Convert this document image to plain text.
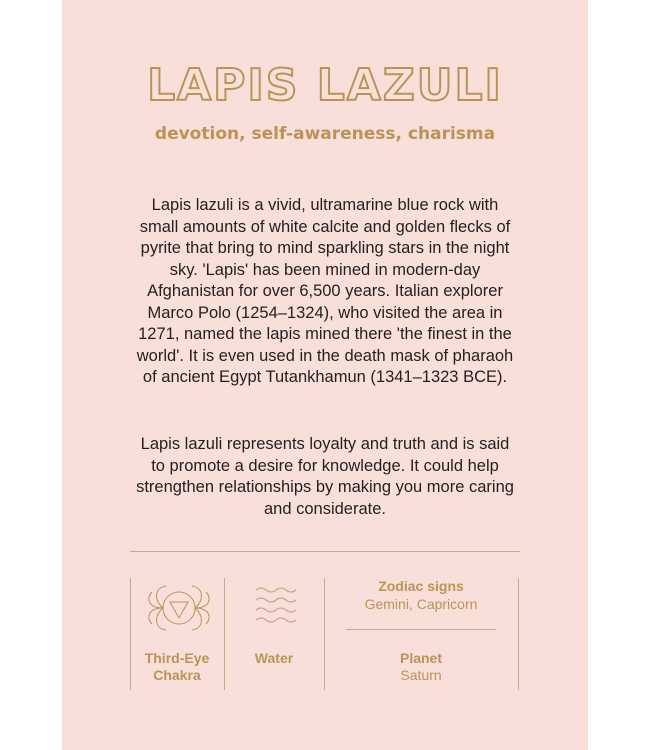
LAPIS LAZULI

devotion, self-awareness, charisma

Lapis lazuli is a vivid, ultramarine blue rock with small amounts of white calcite and golden flecks of pyrite that bring to mind sparkling stars in the night sky. 'Lapis' has been mined in modern-day Afghanistan for over 6,500 years. Italian explorer Marco Polo (1254–1324), who visited the area in 1271, named the lapis mined there 'the finest in the world'. It is even used in the death mask of pharaoh of ancient Egypt Tutankhamun (1341–1323 BCE).

Lapis lazuli represents loyalty and truth and is said to promote a desire for knowledge. It could help strengthen relationships by making you more caring and considerate.

Third-Eye
Chakra

Water

Zodiac signs

Gemini, Capricorn

Planet

Saturn
